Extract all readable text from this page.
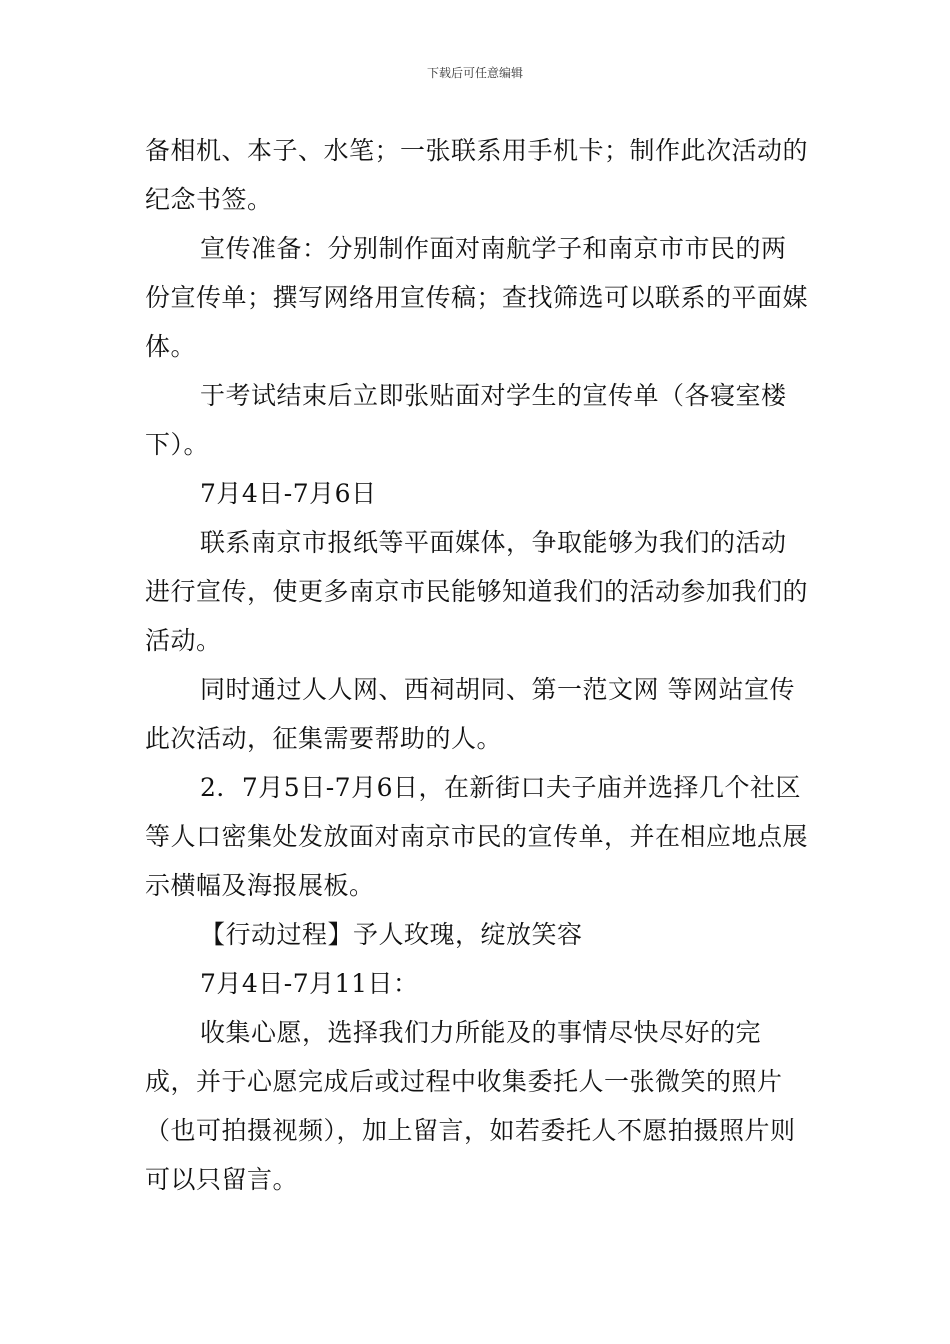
下载后可任意编辑

备相机、本子、水笔；一张联系用手机卡；制作此次活动的纪念书签。

宣传准备：分别制作面对南航学子和南京市市民的两份宣传单；撰写网络用宣传稿；查找筛选可以联系的平面媒体。

于考试结束后立即张贴面对学生的宣传单（各寝室楼下）。

7月4日-7月6日

联系南京市报纸等平面媒体，争取能够为我们的活动进行宣传，使更多南京市民能够知道我们的活动参加我们的活动。

同时通过人人网、西祠胡同、第一范文网 等网站宣传此次活动，征集需要帮助的人。

2．7月5日-7月6日，在新街口夫子庙并选择几个社区等人口密集处发放面对南京市民的宣传单，并在相应地点展示横幅及海报展板。

【行动过程】予人玫瑰，绽放笑容

7月4日-7月11日：

收集心愿，选择我们力所能及的事情尽快尽好的完成，并于心愿完成后或过程中收集委托人一张微笑的照片（也可拍摄视频），加上留言，如若委托人不愿拍摄照片则可以只留言。
